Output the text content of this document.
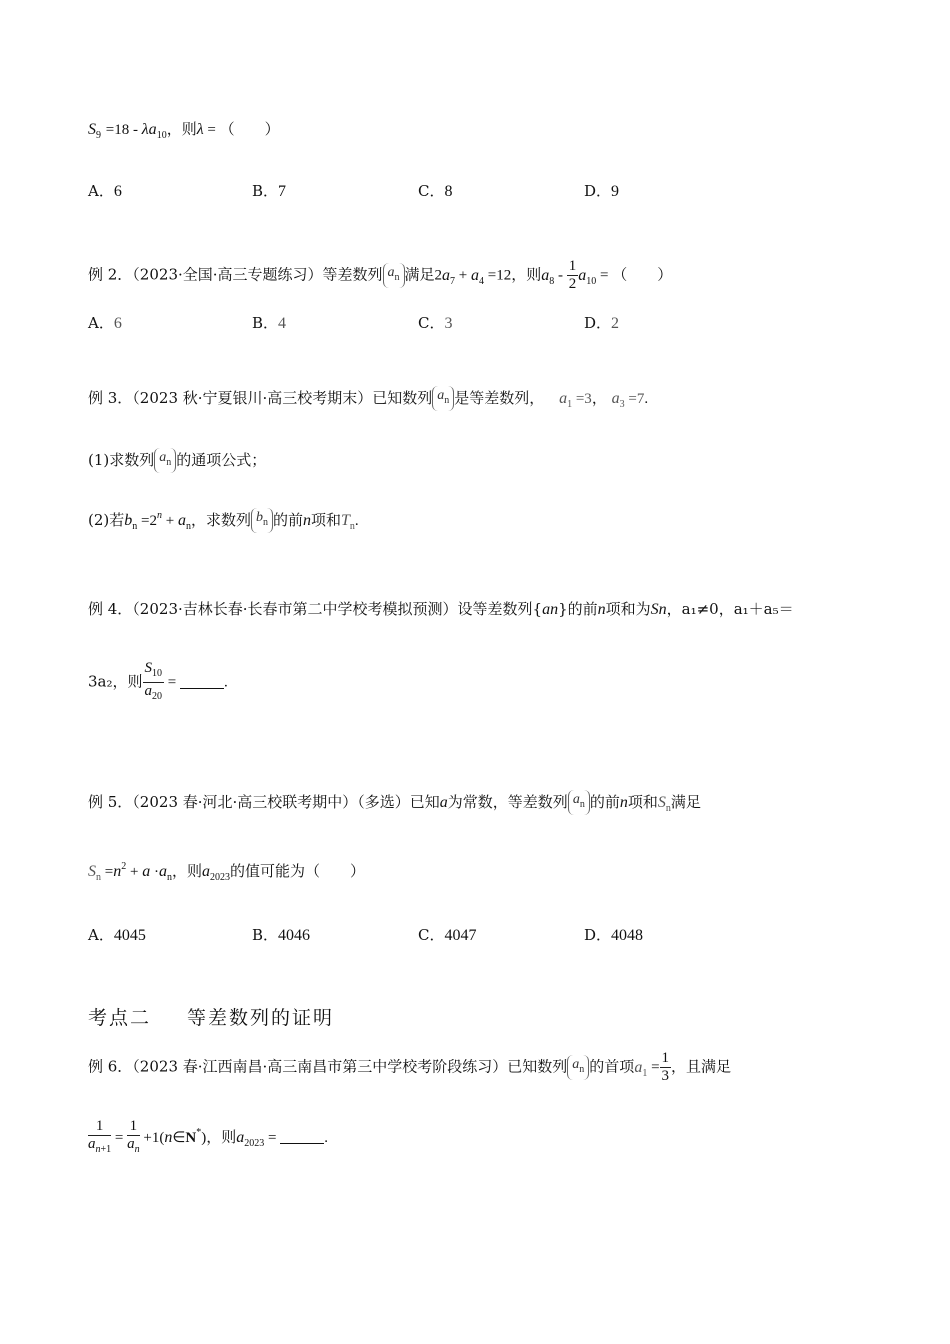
$S_9 =18 - \lambda a_{10}$，则λ = （　　）
A．6	B．7	C．8	D．9
例 2．（2023·全国·高三专题练习）等差数列 $a_n$ 满足$2a_7 + a_4 =12$，则$a_8 - \frac{1}{2} a_{10}$ = （　　）
A．6	B．4	C．3	D．2
例 3．（2023 秋·宁夏银川·高三校考期末）已知数列 $a_n$ 是等差数列， $a_1 =3$， $a_3 =7$.
(1)求数列 $a_n$ 的通项公式；
(2)若$b_n =2^n + a_n$，求数列 $b_n$ 的前n项和$T_n$.
例 4．（2023·吉林长春·长春市第二中学校考模拟预测）设等差数列{an}的前n项和为Sn，a₁≠0，a₁＋a₅＝
3a₂，则 $\frac{S_{10}}{a_{20}}$ =	.
例 5．（2023 春·河北·高三校联考期中）（多选）已知a为常数，等差数列 $a_n$ 的前n项和$S_n$满足
$S_n =n^2 + a \cdot a_n$，则$a_{2023}$的值可能为（　　）
A．4045	B．4046	C．4047	D．4048
考点二 等差数列的证明
例 6．（2023 春·江西南昌·高三南昌市第三中学校考阶段练习）已知数列 $a_n$ 的首项$a_1 = \frac{1}{3}$ ，且满足
$\frac{1}{a_{n+1}} = \frac{1}{a_n}$ +1(n∈N*)，则$a_{2023}$ =	.
